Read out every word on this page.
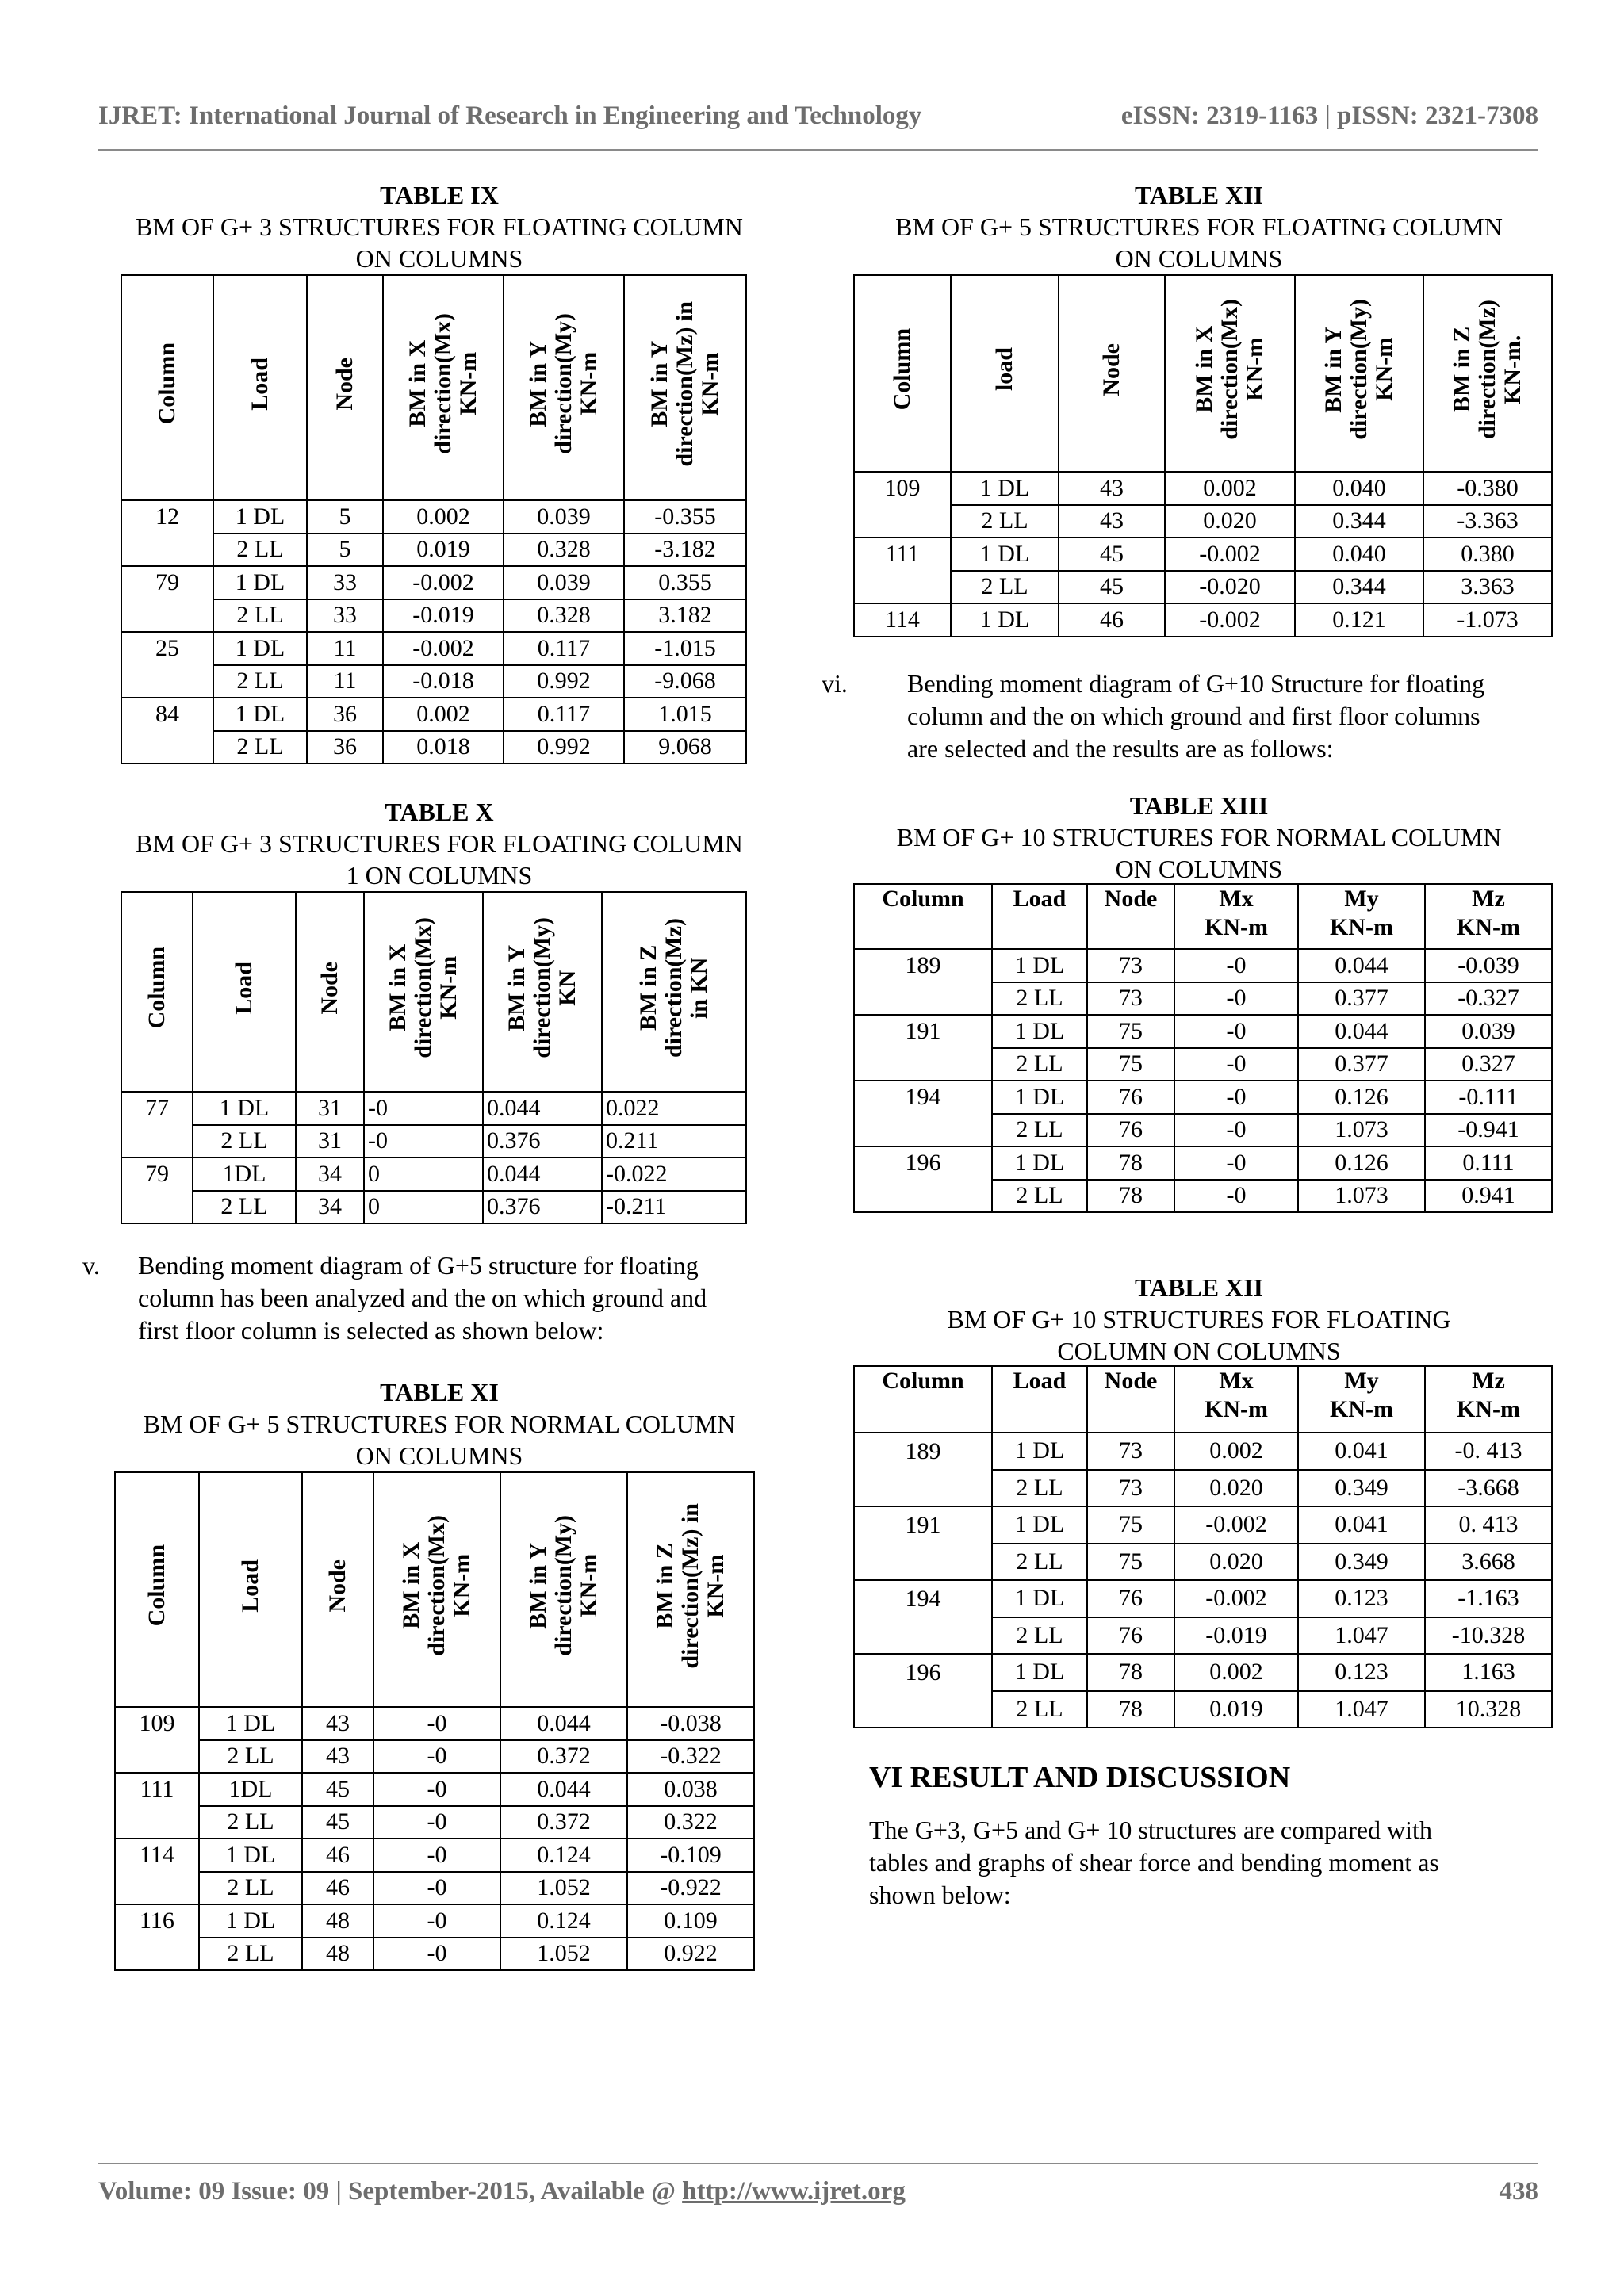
IJRET: International Journal of Research in Engineering and Technology	eISSN: 2319-1163 | pISSN: 2321-7308
TABLE IX
BM OF G+ 3 STRUCTURES FOR FLOATING COLUMN
ON COLUMNS
Column	Load	Node	BM in X
direction(Mx)
KN-m	BM in Y
direction(My)
KN-m	BM in Y
direction(Mz) in
KN-m
12	1 DL	5	0.002	0.039	-0.355
	2 LL	5	0.019	0.328	-3.182
79	1 DL	33	-0.002	0.039	0.355
	2 LL	33	-0.019	0.328	3.182
25	1 DL	11	-0.002	0.117	-1.015
	2 LL	11	-0.018	0.992	-9.068
84	1 DL	36	0.002	0.117	1.015
	2 LL	36	0.018	0.992	9.068
TABLE X
BM OF G+ 3 STRUCTURES FOR FLOATING COLUMN
1 ON COLUMNS
Column	Load	Node	BM in X
direction(Mx)
KN-m	BM in Y
direction(My)
KN	BM in Z
direction(Mz)
in KN
77	1 DL	31	-0	0.044	0.022
	2 LL	31	-0	0.376	0.211
79	1DL	34	0	0.044	-0.022
	2 LL	34	0	0.376	-0.211
v. Bending moment diagram of G+5 structure for floating
column has been analyzed and the on which ground and
first floor column is selected as shown below:
TABLE XI
BM OF G+ 5 STRUCTURES FOR NORMAL COLUMN
ON COLUMNS
Column	Load	Node	BM in X
direction(Mx)
KN-m	BM in Y
direction(My)
KN-m	BM in Z
direction(Mz) in
KN-m
109	1 DL	43	-0	0.044	-0.038
	2 LL	43	-0	0.372	-0.322
111	1DL	45	-0	0.044	0.038
	2 LL	45	-0	0.372	0.322
114	1 DL	46	-0	0.124	-0.109
	2 LL	46	-0	1.052	-0.922
116	1 DL	48	-0	0.124	0.109
	2 LL	48	-0	1.052	0.922
TABLE XII
BM OF G+ 5 STRUCTURES FOR FLOATING COLUMN
ON COLUMNS
Column	load	Node	BM in X
direction(Mx)
KN-m	BM in Y
direction(My)
KN-m	BM in Z
direction(Mz)
KN-m.
109	1 DL	43	0.002	0.040	-0.380
	2 LL	43	0.020	0.344	-3.363
111	1 DL	45	-0.002	0.040	0.380
	2 LL	45	-0.020	0.344	3.363
114	1 DL	46	-0.002	0.121	-1.073
vi. Bending moment diagram of G+10 Structure for floating
column and the on which ground and first floor columns
are selected and the results are as follows:
TABLE XIII
BM OF G+ 10 STRUCTURES FOR NORMAL COLUMN
ON COLUMNS
Column	Load	Node	Mx
KN-m	My
KN-m	Mz
KN-m
189	1 DL	73	-0	0.044	-0.039
	2 LL	73	-0	0.377	-0.327
191	1 DL	75	-0	0.044	0.039
	2 LL	75	-0	0.377	0.327
194	1 DL	76	-0	0.126	-0.111
	2 LL	76	-0	1.073	-0.941
196	1 DL	78	-0	0.126	0.111
	2 LL	78	-0	1.073	0.941
TABLE XII
BM OF G+ 10 STRUCTURES FOR FLOATING
COLUMN ON COLUMNS
Column	Load	Node	Mx
KN-m	My
KN-m	Mz
KN-m
189	1 DL	73	0.002	0.041	-0. 413
	2 LL	73	0.020	0.349	-3.668
191	1 DL	75	-0.002	0.041	0. 413
	2 LL	75	0.020	0.349	3.668
194	1 DL	76	-0.002	0.123	-1.163
	2 LL	76	-0.019	1.047	-10.328
196	1 DL	78	0.002	0.123	1.163
	2 LL	78	0.019	1.047	10.328
VI RESULT AND DISCUSSION
The G+3, G+5 and G+ 10 structures are compared with
tables and graphs of shear force and bending moment as
shown below:
Volume: 09 Issue: 09 | September-2015, Available @ http://www.ijret.org	438
